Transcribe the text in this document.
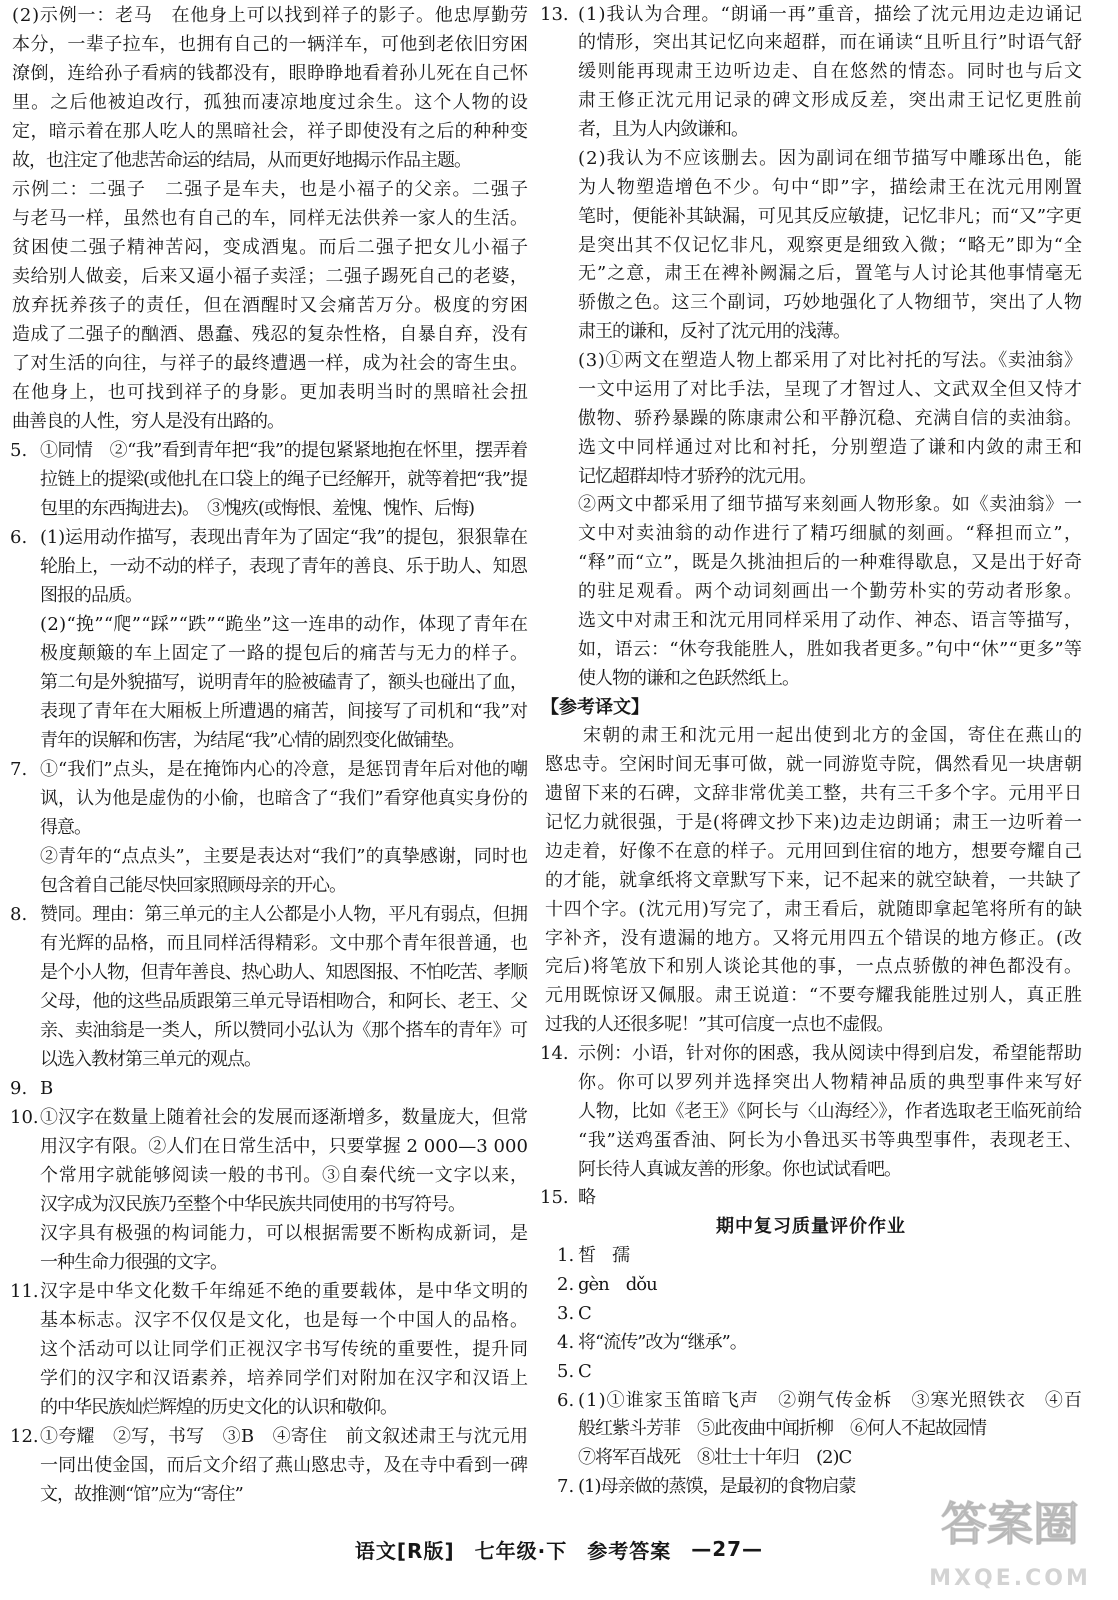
(2)示例一：老马　在他身上可以找到祥子的影子。他忠厚勤劳
本分，一辈子拉车，也拥有自己的一辆洋车，可他到老依旧穷困
潦倒，连给孙子看病的钱都没有，眼睁睁地看着孙儿死在自己怀
里。之后他被迫改行，孤独而凄凉地度过余生。这个人物的设
定，暗示着在那人吃人的黑暗社会，祥子即使没有之后的种种变
故，也注定了他悲苦命运的结局，从而更好地揭示作品主题。
示例二：二强子　二强子是车夫，也是小福子的父亲。二强子
与老马一样，虽然也有自己的车，同样无法供养一家人的生活。
贫困使二强子精神苦闷，变成酒鬼。而后二强子把女儿小福子
卖给别人做妾，后来又逼小福子卖淫；二强子踢死自己的老婆，
放弃抚养孩子的责任，但在酒醒时又会痛苦万分。极度的穷困
造成了二强子的酗酒、愚蠢、残忍的复杂性格，自暴自弃，没有
了对生活的向往，与祥子的最终遭遇一样，成为社会的寄生虫。
在他身上，也可找到祥子的身影。更加表明当时的黑暗社会扭
曲善良的人性，穷人是没有出路的。
5. ①同情　②“我”看到青年把“我”的提包紧紧地抱在怀里，摆弄着
拉链上的提梁(或他扎在口袋上的绳子已经解开，就等着把“我”提
包里的东西掏进去)。　③愧疚(或悔恨、羞愧、愧怍、后悔)
6. (1)运用动作描写，表现出青年为了固定“我”的提包，狠狠靠在
轮胎上，一动不动的样子，表现了青年的善良、乐于助人、知恩
图报的品质。
(2)“挽”“爬”“踩”“跌”“跪坐”这一连串的动作，体现了青年在
极度颠簸的车上固定了一路的提包后的痛苦与无力的样子。
第二句是外貌描写，说明青年的脸被磕青了，额头也碰出了血，
表现了青年在大厢板上所遭遇的痛苦，间接写了司机和“我”对
青年的误解和伤害，为结尾“我”心情的剧烈变化做铺垫。
7. ①“我们”点头，是在掩饰内心的冷意，是惩罚青年后对他的嘲
讽，认为他是虚伪的小偷，也暗含了“我们”看穿他真实身份的
得意。
②青年的“点点头”，主要是表达对“我们”的真挚感谢，同时也
包含着自己能尽快回家照顾母亲的开心。
8. 赞同。理由：第三单元的主人公都是小人物，平凡有弱点，但拥
有光辉的品格，而且同样活得精彩。文中那个青年很普通，也
是个小人物，但青年善良、热心助人、知恩图报、不怕吃苦、孝顺
父母，他的这些品质跟第三单元导语相吻合，和阿长、老王、父
亲、卖油翁是一类人，所以赞同小弘认为《那个搭车的青年》可
以选入教材第三单元的观点。
9. B
10. ①汉字在数量上随着社会的发展而逐渐增多，数量庞大，但常
用汉字有限。②人们在日常生活中，只要掌握 2 000—3 000
个常用字就能够阅读一般的书刊。③自秦代统一文字以来，
汉字成为汉民族乃至整个中华民族共同使用的书写符号。
汉字具有极强的构词能力，可以根据需要不断构成新词，是
一种生命力很强的文字。
11. 汉字是中华文化数千年绵延不绝的重要载体，是中华文明的
基本标志。汉字不仅仅是文化，也是每一个中国人的品格。
这个活动可以让同学们正视汉字书写传统的重要性，提升同
学们的汉字和汉语素养，培养同学们对附加在汉字和汉语上
的中华民族灿烂辉煌的历史文化的认识和敬仰。
12. ①夸耀　②写，书写　③B　④寄住　前文叙述肃王与沈元用
一同出使金国，而后文介绍了燕山愍忠寺，及在寺中看到一碑
文，故推测“馆”应为“寄住”
13. (1)我认为合理。“朗诵一再”重音，描绘了沈元用边走边诵记
的情形，突出其记忆向来超群，而在诵读“且听且行”时语气舒
缓则能再现肃王边听边走、自在悠然的情态。同时也与后文
肃王修正沈元用记录的碑文形成反差，突出肃王记忆更胜前
者，且为人内敛谦和。
(2)我认为不应该删去。因为副词在细节描写中雕琢出色，能
为人物塑造增色不少。句中“即”字，描绘肃王在沈元用刚置
笔时，便能补其缺漏，可见其反应敏捷，记忆非凡；而“又”字更
是突出其不仅记忆非凡，观察更是细致入微；“略无”即为“全
无”之意，肃王在裨补阙漏之后，置笔与人讨论其他事情毫无
骄傲之色。这三个副词，巧妙地强化了人物细节，突出了人物
肃王的谦和，反衬了沈元用的浅薄。
(3)①两文在塑造人物上都采用了对比衬托的写法。《卖油翁》
一文中运用了对比手法，呈现了才智过人、文武双全但又恃才
傲物、骄矜暴躁的陈康肃公和平静沉稳、充满自信的卖油翁。
选文中同样通过对比和衬托，分别塑造了谦和内敛的肃王和
记忆超群却恃才骄矜的沈元用。
②两文中都采用了细节描写来刻画人物形象。如《卖油翁》一
文中对卖油翁的动作进行了精巧细腻的刻画。“释担而立”，
“释”而“立”，既是久挑油担后的一种难得歇息，又是出于好奇
的驻足观看。两个动词刻画出一个勤劳朴实的劳动者形象。
选文中对肃王和沈元用同样采用了动作、神态、语言等描写，
如，语云：“休夸我能胜人，胜如我者更多。”句中“休”“更多”等
使人物的谦和之色跃然纸上。
【参考译文】
宋朝的肃王和沈元用一起出使到北方的金国，寄住在燕山的
愍忠寺。空闲时间无事可做，就一同游览寺院，偶然看见一块唐朝
遗留下来的石碑，文辞非常优美工整，共有三千多个字。元用平日
记忆力就很强，于是(将碑文抄下来)边走边朗诵；肃王一边听着一
边走着，好像不在意的样子。元用回到住宿的地方，想要夸耀自己
的才能，就拿纸将文章默写下来，记不起来的就空缺着，一共缺了
十四个字。(沈元用)写完了，肃王看后，就随即拿起笔将所有的缺
字补齐，没有遗漏的地方。又将元用四五个错误的地方修正。(改
完后)将笔放下和别人谈论其他的事，一点点骄傲的神色都没有。
元用既惊讶又佩服。肃王说道：“不要夸耀我能胜过别人，真正胜
过我的人还很多呢！”其可信度一点也不虚假。
14. 示例：小语，针对你的困惑，我从阅读中得到启发，希望能帮助
你。你可以罗列并选择突出人物精神品质的典型事件来写好
人物，比如《老王》《阿长与〈山海经〉》，作者选取老王临死前给
“我”送鸡蛋香油、阿长为小鲁迅买书等典型事件，表现老王、
阿长待人真诚友善的形象。你也试试看吧。
15. 略
期中复习质量评价作业
1. 皙　孺
2. gèn　dǒu
3. C
4. 将“流传”改为“继承”。
5. C
6. (1)①谁家玉笛暗飞声　②朔气传金柝　③寒光照铁衣　④百
般红紫斗芳菲　⑤此夜曲中闻折柳　⑥何人不起故园情
⑦将军百战死　⑧壮士十年归　(2)C
7. (1)母亲做的蒸馍，是最初的食物启蒙
语文[R版] 七年级·下 参考答案 —27—	答案圈
MXQE.COM
